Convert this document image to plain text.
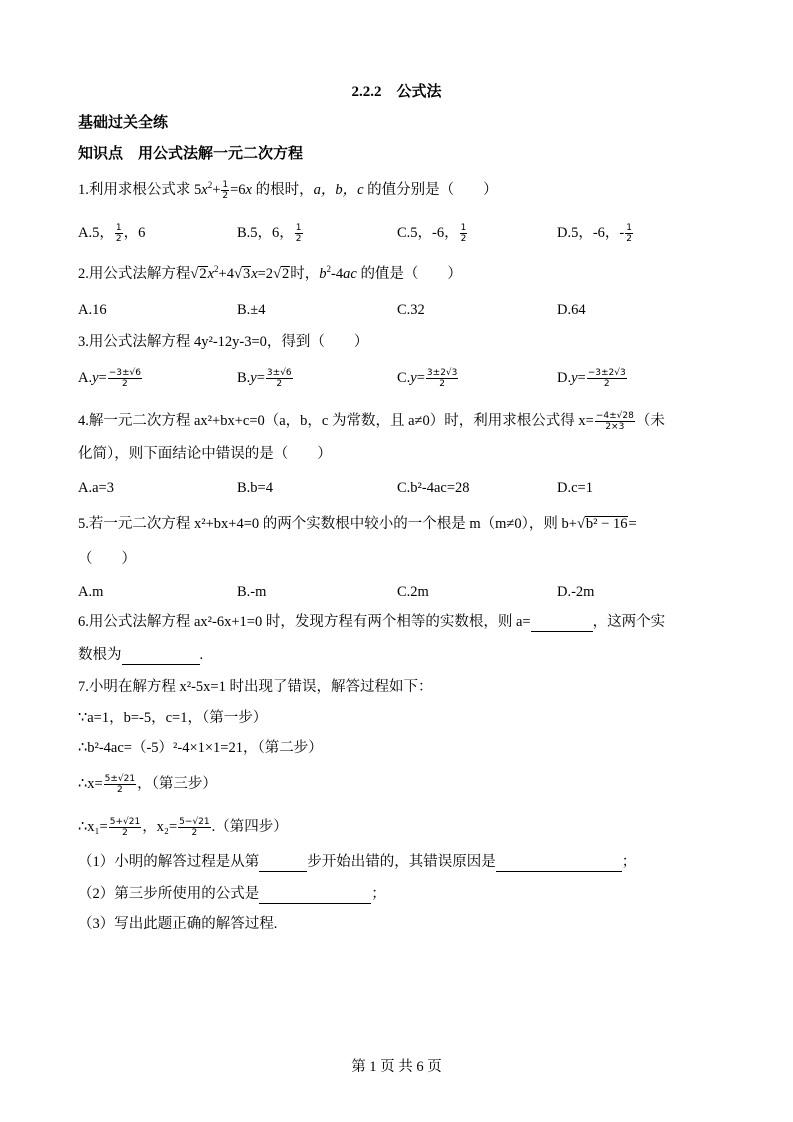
2.2.2　公式法
基础过关全练
知识点　用公式法解一元二次方程
1.利用求根公式求 $5x^2+ \frac{1}{2} =6x$ 的根时，a，b，c 的值分别是（　　）
A.5， $\frac{1}{2}$ ，6	B.5，6， $\frac{1}{2}$	C.5，-6， $\frac{1}{2}$	D.5，-6，- $\frac{1}{2}$
2.用公式法解方程$√2x^2+4√3x=2√2$时，$b^2-4ac$ 的值是（　　）
A.16	B.±4	C.32	D.64
3.用公式法解方程 4y²-12y-3=0，得到（　　）
$A.y= \frac{-3\pm√6}{2}$	$B.y= \frac{3\pm√6}{2}$	$C.y= \frac{3\pm 2√3}{2}$	$D.y= \frac{-3\pm 2√3}{2}$
4.解一元二次方程 ax²+bx+c=0（a，b，c 为常数，且 a≠0）时，利用求根公式得 $x= \frac{-4\pm√28}{2\times 3}$ （未
化简），则下面结论中错误的是（　　）
A.a=3	B.b=4	C.b²-4ac=28	D.c=1
5.若一元二次方程 x²+bx+4=0 的两个实数根中较小的一个根是 m（m≠0），则 b+√b² − 16=
（　　）
A.m	B.-m	C.2m	D.-2m
6.用公式法解方程 ax²-6x+1=0 时，发现方程有两个相等的实数根，则 a=	，这两个实
数根为	.
7.小明在解方程 x²-5x=1 时出现了错误，解答过程如下：
∵a=1，b=-5，c=1，（第一步）
∴b²-4ac=（-5）²-4×1×1=21，（第二步）
∴x= $\frac{5\pm√21}{2}$ ，（第三步）
∴x₁= $\frac{5+√21}{2}$ ，$x_2= \frac{5-√21}{2}$ .（第四步）
（1）小明的解答过程是从第	步开始出错的，其错误原因是	；
（2）第三步所使用的公式是	；
（3）写出此题正确的解答过程.
第 1 页 共 6 页
